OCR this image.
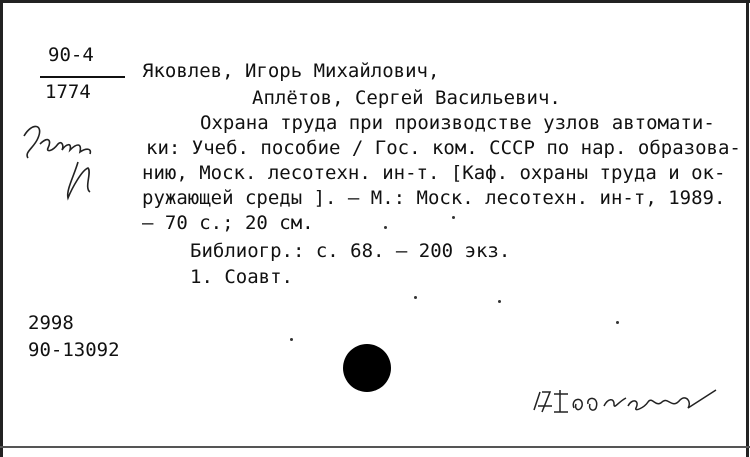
90-4
1774
Яковлев, Игорь Михайлович,
Аплётов, Сергей Васильевич.
Охрана труда при производстве узлов автомати-
ки: Учеб. пособие / Гос. ком. СССР по нар. образова-
нию, Моск. лесотехн. ин-т. [Каф. охраны труда и ок-
ружающей среды ]. – М.: Моск. лесотехн. ин-т, 1989.
– 70 с.; 20 см.
Библиогр.: с. 68. – 200 экз.
1. Соавт.
2998
90-13092
